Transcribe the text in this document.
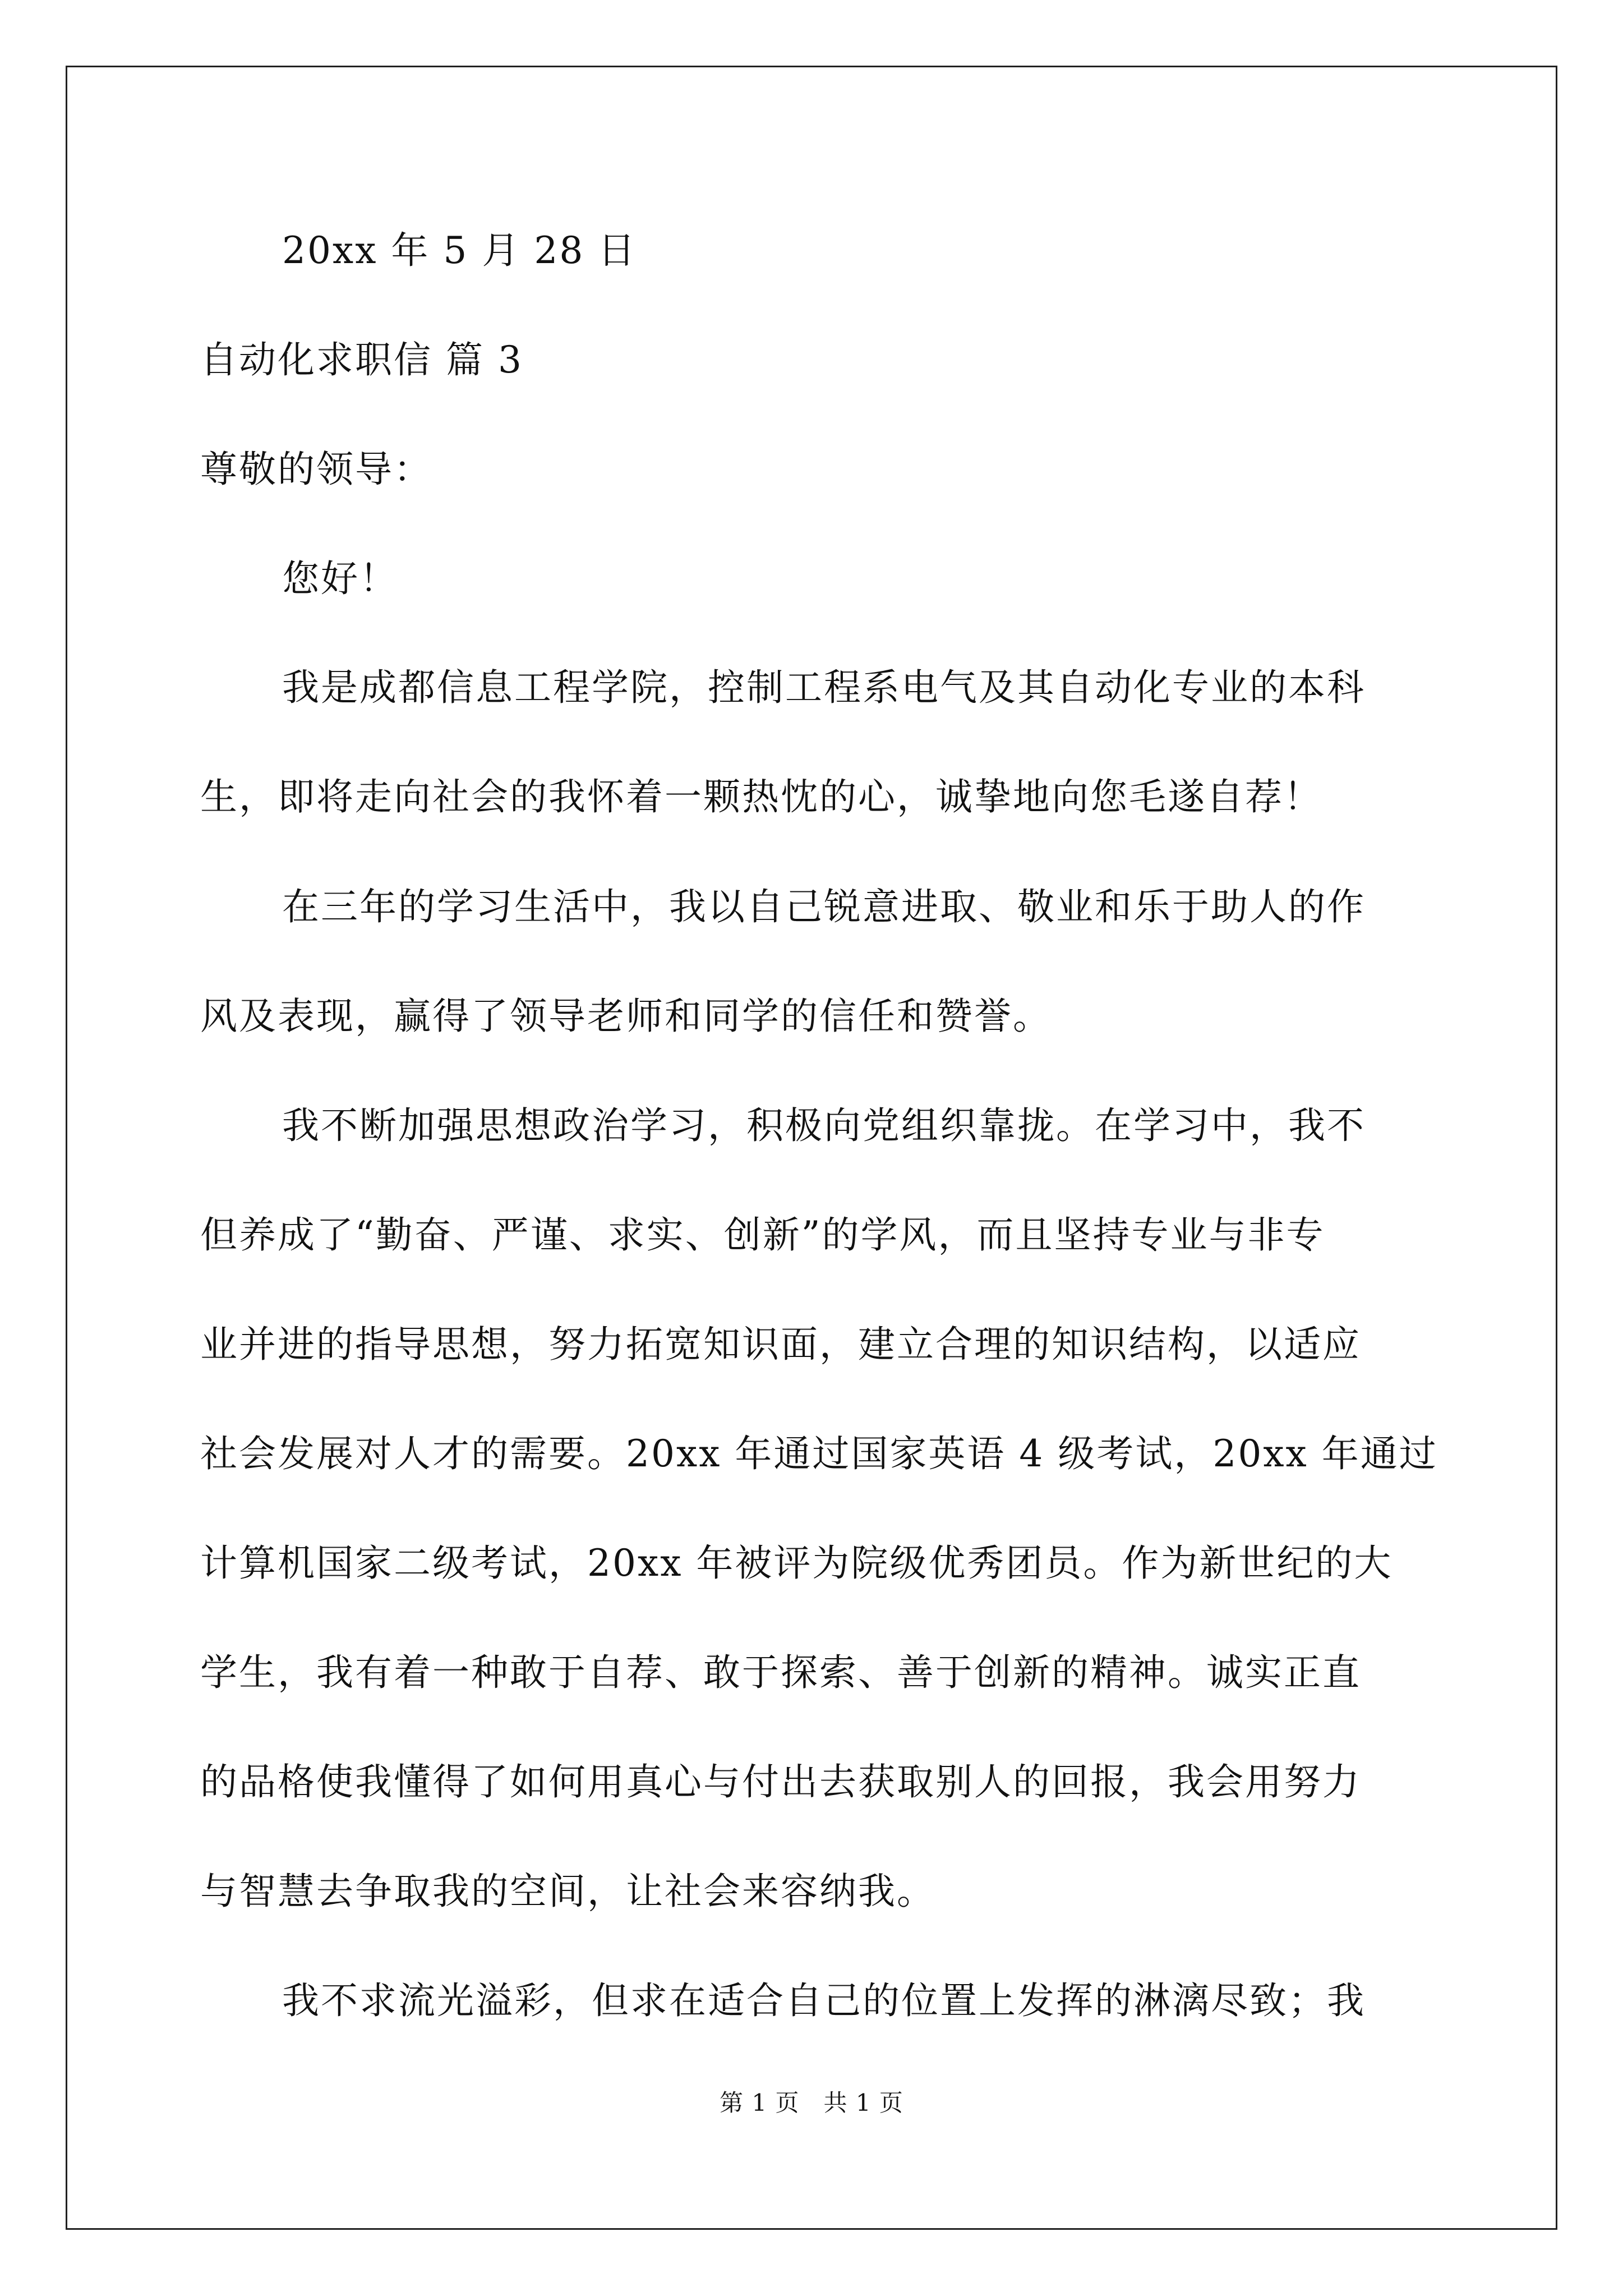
20xx 年 5 月 28 日
自动化求职信 篇 3
尊敬的领导：
您好！
我是成都信息工程学院，控制工程系电气及其自动化专业的本科
生，即将走向社会的我怀着一颗热忱的心，诚挚地向您毛遂自荐！
在三年的学习生活中，我以自己锐意进取、敬业和乐于助人的作
风及表现，赢得了领导老师和同学的信任和赞誉。
我不断加强思想政治学习，积极向党组织靠拢。在学习中，我不
但养成了“勤奋、严谨、求实、创新”的学风，而且坚持专业与非专
业并进的指导思想，努力拓宽知识面，建立合理的知识结构，以适应
社会发展对人才的需要。20xx 年通过国家英语 4 级考试，20xx 年通过
计算机国家二级考试，20xx 年被评为院级优秀团员。作为新世纪的大
学生，我有着一种敢于自荐、敢于探索、善于创新的精神。诚实正直
的品格使我懂得了如何用真心与付出去获取别人的回报，我会用努力
与智慧去争取我的空间，让社会来容纳我。
我不求流光溢彩，但求在适合自己的位置上发挥的淋漓尽致；我
第 1 页　共 1 页
